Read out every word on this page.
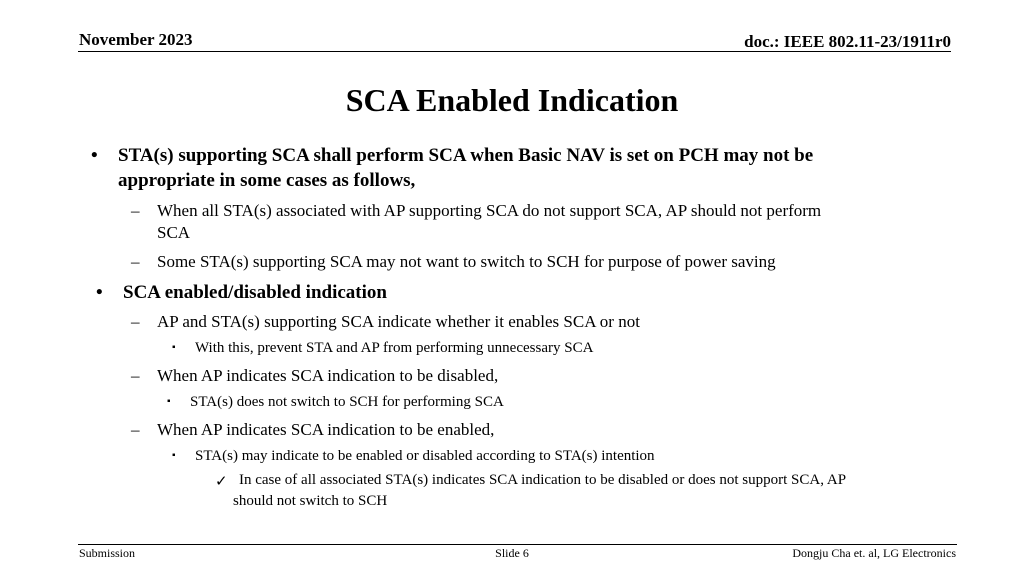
November 2023	doc.: IEEE 802.11-23/1911r0
SCA Enabled Indication
• STA(s) supporting SCA shall perform SCA when Basic NAV is set on PCH may not be
appropriate in some cases as follows,
– When all STA(s) associated with AP supporting SCA do not support SCA, AP should not perform
SCA
– Some STA(s) supporting SCA may not want to switch to SCH for purpose of power saving
• SCA enabled/disabled indication
– AP and STA(s) supporting SCA indicate whether it enables SCA or not
▪ With this, prevent STA and AP from performing unnecessary SCA
– When AP indicates SCA indication to be disabled,
▪ STA(s) does not switch to SCH for performing SCA
– When AP indicates SCA indication to be enabled,
▪ STA(s) may indicate to be enabled or disabled according to STA(s) intention
✓ In case of all associated STA(s) indicates SCA indication to be disabled or does not support SCA, AP
should not switch to SCH
Submission	Slide 6	Dongju Cha et. al, LG Electronics
